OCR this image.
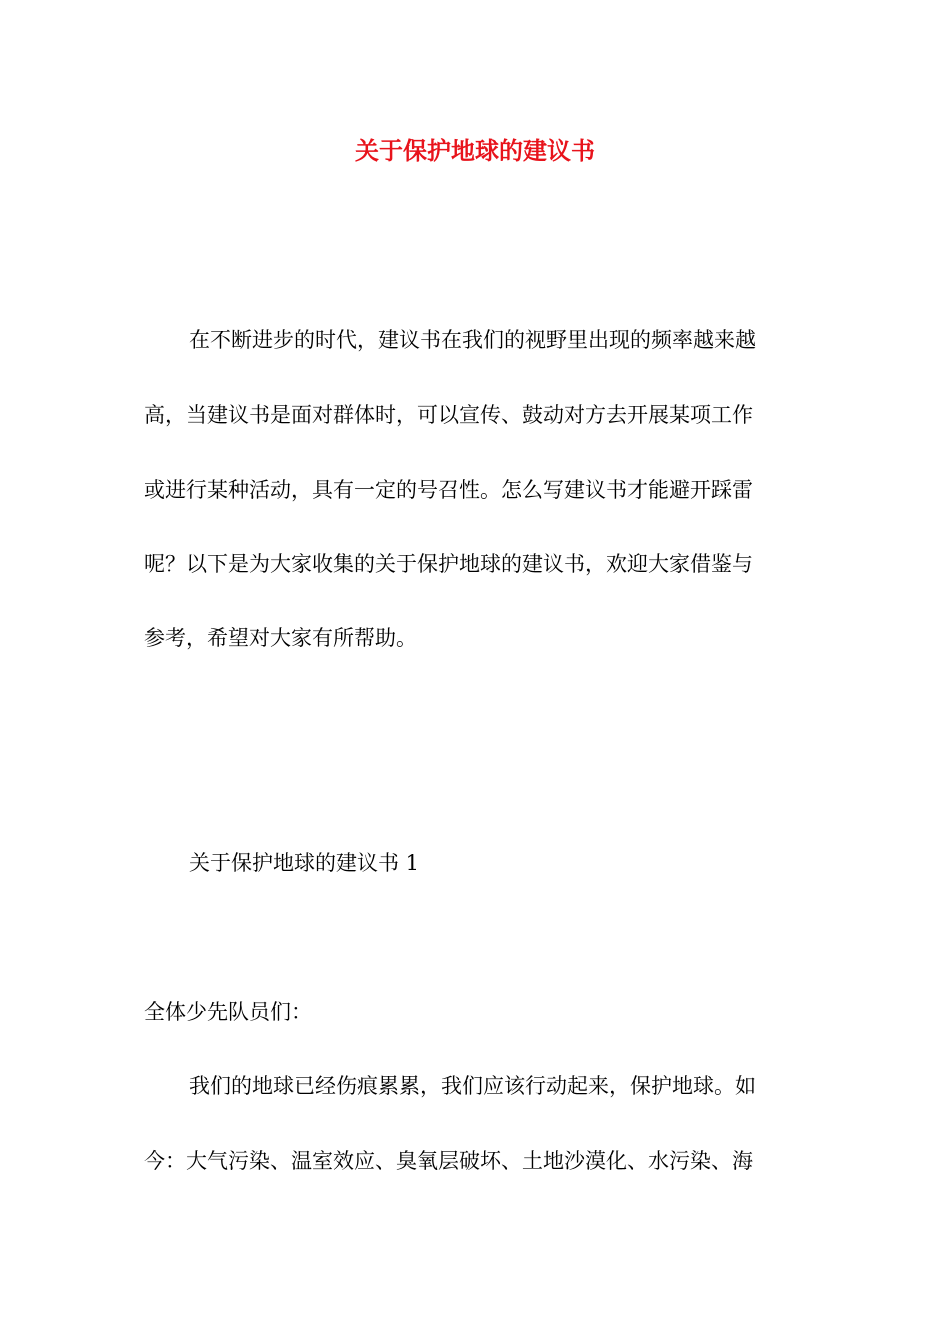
关于保护地球的建议书

在不断进步的时代，建议书在我们的视野里出现的频率越来越

高，当建议书是面对群体时，可以宣传、鼓动对方去开展某项工作

或进行某种活动，具有一定的号召性。怎么写建议书才能避开踩雷

呢？以下是为大家收集的关于保护地球的建议书，欢迎大家借鉴与

参考，希望对大家有所帮助。

关于保护地球的建议书 1

全体少先队员们：

我们的地球已经伤痕累累，我们应该行动起来，保护地球。如

今：大气污染、温室效应、臭氧层破坏、土地沙漠化、水污染、海
